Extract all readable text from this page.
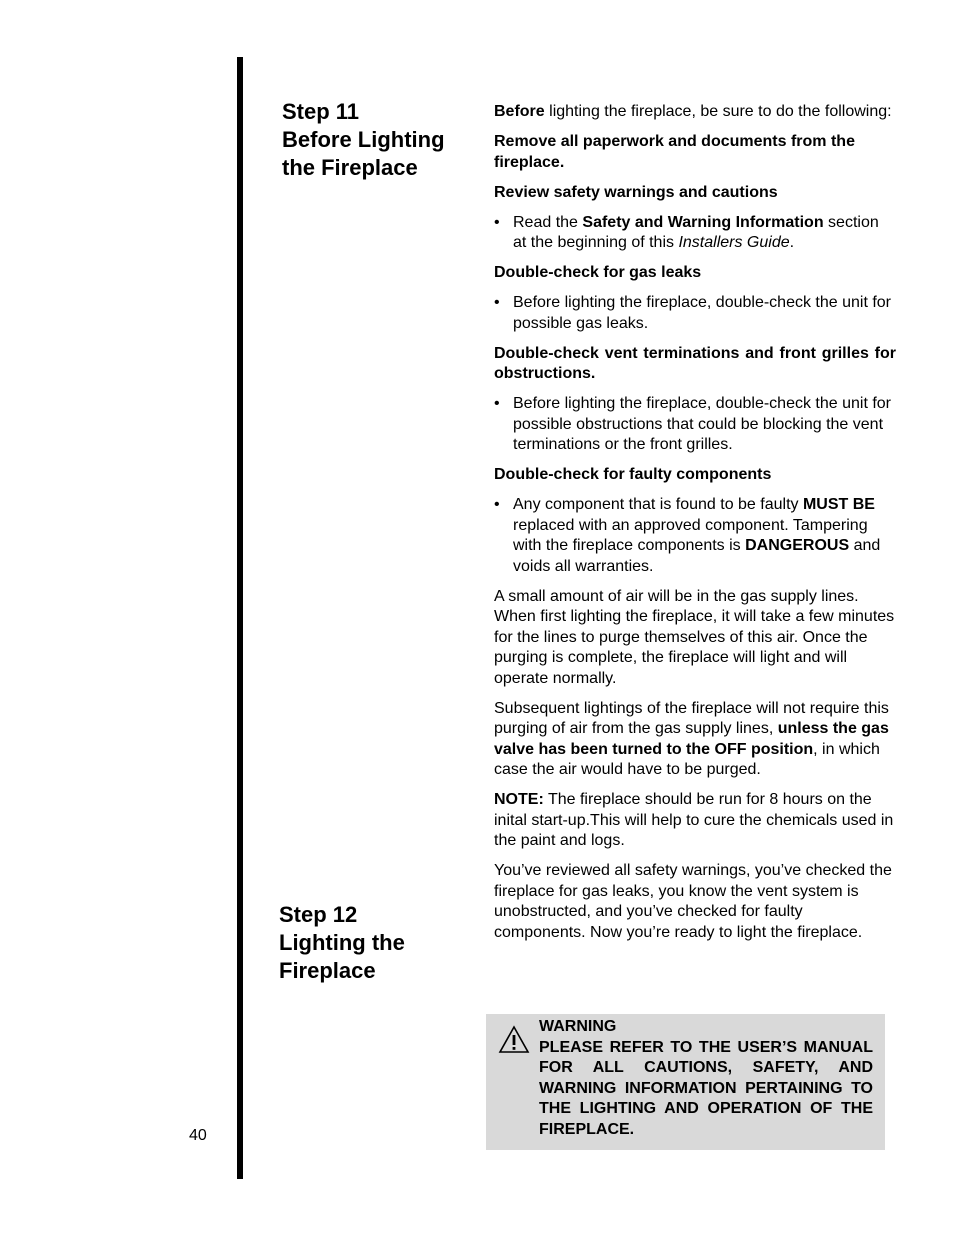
40
Step 11
Before Lighting
the Fireplace
Step 12
Lighting the
Fireplace

Before lighting the fireplace, be sure to do the following:

Remove all paperwork and documents from the fireplace.

Review safety warnings and cautions

• Read the Safety and Warning Information section at the beginning of this Installers Guide.

Double-check for gas leaks

• Before lighting the fireplace, double-check the unit for possible gas leaks.

Double-check vent terminations and front grilles for obstructions.

• Before lighting the fireplace, double-check the unit for possible obstructions that could be blocking the vent terminations or the front grilles.

Double-check for faulty components

• Any component that is found to be faulty MUST BE replaced with an approved component. Tampering with the fireplace components is DANGEROUS and voids all warranties.

A small amount of air will be in the gas supply lines. When first lighting the fireplace, it will take a few minutes for the lines to purge themselves of this air. Once the purging is complete, the fireplace will light and will operate normally.

Subsequent lightings of the fireplace will not require this purging of air from the gas supply lines, unless the gas valve has been turned to the OFF position, in which case the air would have to be purged.

NOTE: The fireplace should be run for 8 hours on the inital start-up.This will help to cure the chemicals used in the paint and logs.

You’ve reviewed all safety warnings, you’ve checked the fireplace for gas leaks, you know the vent system is unobstructed, and you’ve checked for faulty components. Now you’re ready to light the fireplace.

WARNING
PLEASE REFER TO THE USER’S MANUAL FOR ALL CAUTIONS, SAFETY, AND WARNING INFORMATION PERTAINING TO THE LIGHTING AND OPERATION OF THE FIREPLACE.
